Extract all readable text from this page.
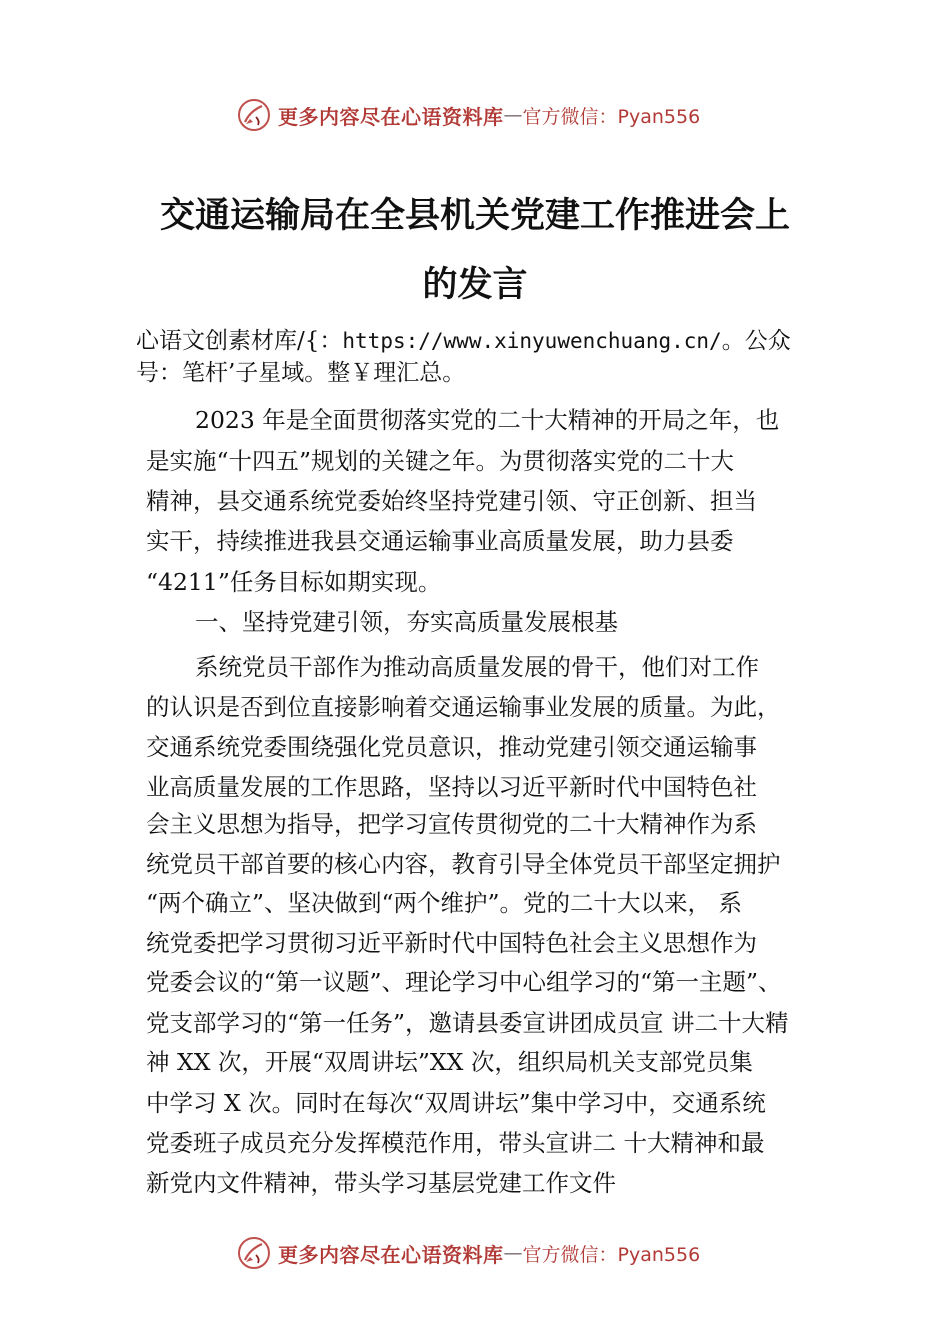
更多内容尽在心语资料库 — 官方微信：Pyan556
交通运输局在全县机关党建工作推进会上
的发言
心语文创素材库/{：https://www.xinyuwenchuang.cn/。公众
号：笔杆’子星域。整￥理汇总。
2023 年是全面贯彻落实党的二十大精神的开局之年，也
是实施“十四五”规划的关键之年。为贯彻落实党的二十大
精神，县交通系统党委始终坚持党建引领、守正创新、担当
实干，持续推进我县交通运输事业高质量发展，助力县委
“4211”任务目标如期实现。
一、坚持党建引领，夯实高质量发展根基
系统党员干部作为推动高质量发展的骨干，他们对工作
的认识是否到位直接影响着交通运输事业发展的质量。为此，
交通系统党委围绕强化党员意识，推动党建引领交通运输事
业高质量发展的工作思路，坚持以习近平新时代中国特色社
会主义思想为指导，把学习宣传贯彻党的二十大精神作为系
统党员干部首要的核心内容，教育引导全体党员干部坚定拥护
“两个确立”、坚决做到“两个维护”。党的二十大以来， 系
统党委把学习贯彻习近平新时代中国特色社会主义思想作为
党委会议的“第一议题”、理论学习中心组学习的“第一主题”、
党支部学习的“第一任务”，邀请县委宣讲团成员宣 讲二十大精
神 XX 次，开展“双周讲坛”XX 次，组织局机关支部党员集
中学习 X 次。同时在每次“双周讲坛”集中学习中，交通系统
党委班子成员充分发挥模范作用，带头宣讲二 十大精神和最
新党内文件精神，带头学习基层党建工作文件
更多内容尽在心语资料库 — 官方微信：Pyan556
